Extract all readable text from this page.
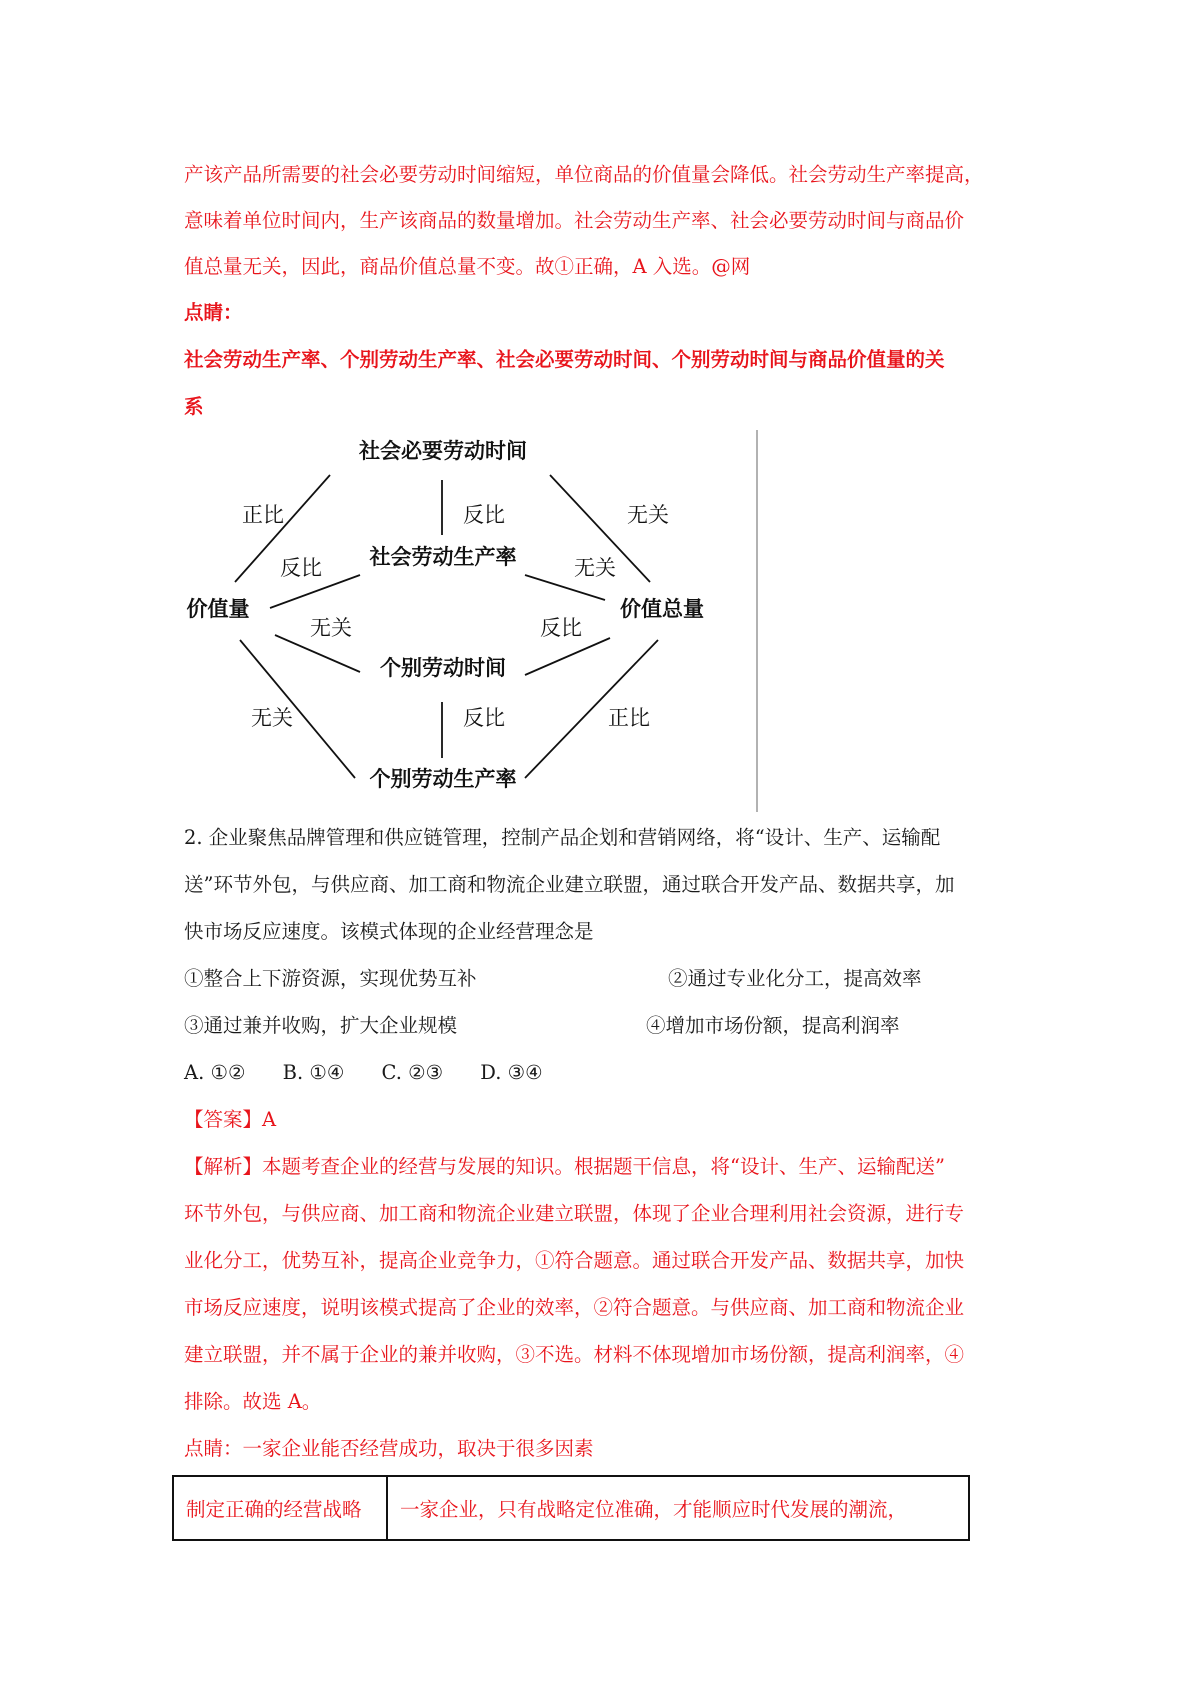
产该产品所需要的社会必要劳动时间缩短，单位商品的价值量会降低。社会劳动生产率提高，
意味着单位时间内，生产该商品的数量增加。社会劳动生产率、社会必要劳动时间与商品价
值总量无关，因此，商品价值总量不变。故①正确，A 入选。@网
点睛：
社会劳动生产率、个别劳动生产率、社会必要劳动时间、个别劳动时间与商品价值量的关
系
社会必要劳动时间
社会劳动生产率
价值量	价值总量
个别劳动时间
个别劳动生产率
正比	反比	无关
反比	无关
无关	反比
无关	反比	正比
2. 企业聚焦品牌管理和供应链管理，控制产品企划和营销网络，将“设计、生产、运输配
送”环节外包，与供应商、加工商和物流企业建立联盟，通过联合开发产品、数据共享，加
快市场反应速度。该模式体现的企业经营理念是
①整合上下游资源，实现优势互补	②通过专业化分工，提高效率
③通过兼并收购，扩大企业规模	④增加市场份额，提高利润率
A. ①②      B. ①④      C. ②③      D. ③④
【答案】A
【解析】本题考查企业的经营与发展的知识。根据题干信息，将“设计、生产、运输配送”
环节外包，与供应商、加工商和物流企业建立联盟，体现了企业合理利用社会资源，进行专
业化分工，优势互补，提高企业竞争力，①符合题意。通过联合开发产品、数据共享，加快
市场反应速度，说明该模式提高了企业的效率，②符合题意。与供应商、加工商和物流企业
建立联盟，并不属于企业的兼并收购，③不选。材料不体现增加市场份额，提高利润率，④
排除。故选 A。
点睛：一家企业能否经营成功，取决于很多因素
制定正确的经营战略	一家企业，只有战略定位准确，才能顺应时代发展的潮流，
